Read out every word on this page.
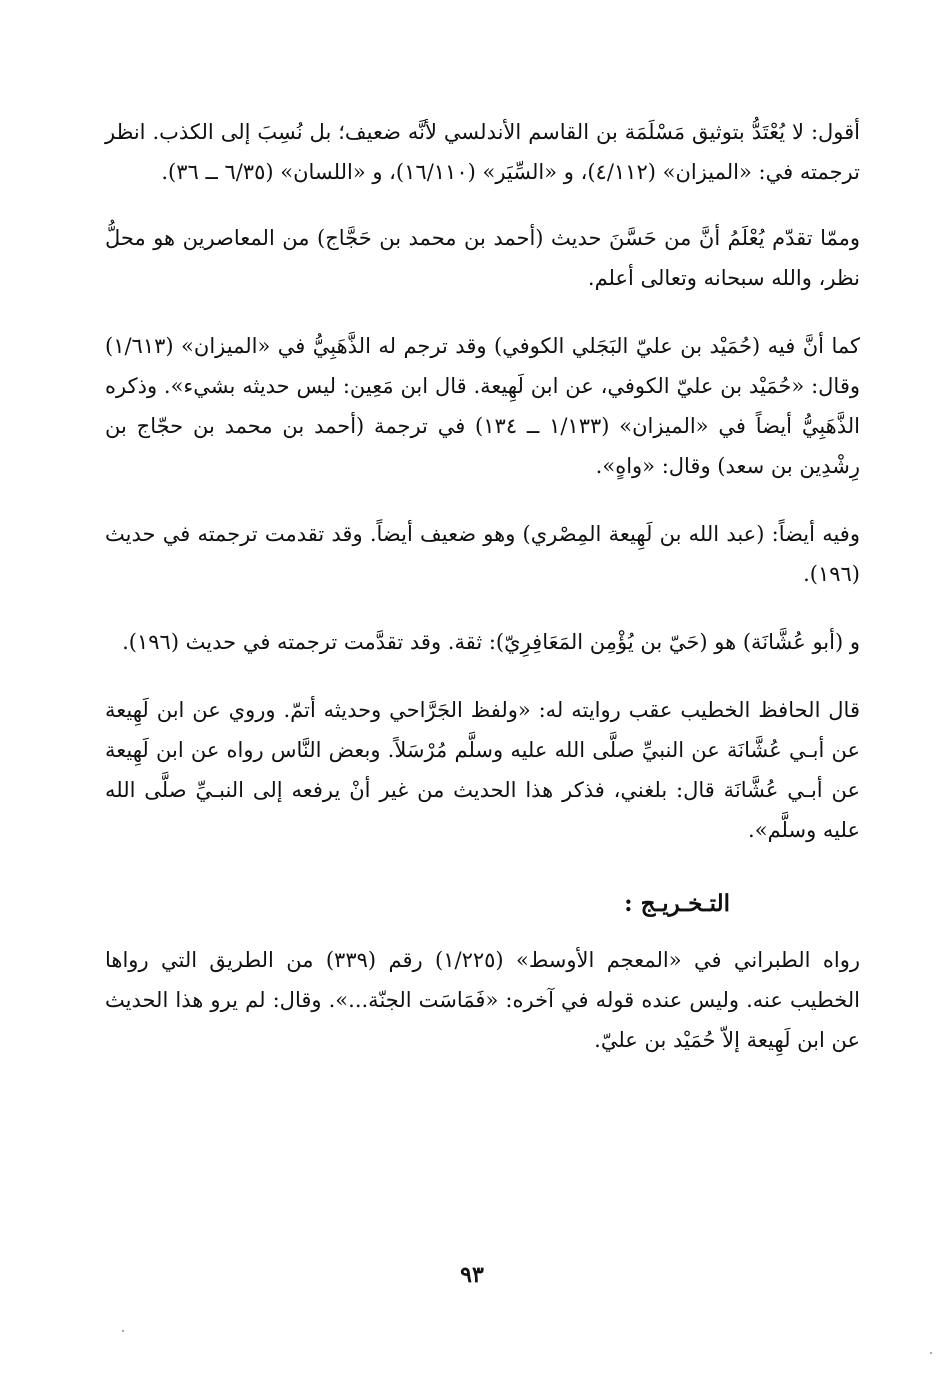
أقول: لا يُعْتَدُّ بتوثيق مَسْلَمَة بن القاسم الأندلسي لأنَّه ضعيف؛ بل نُسِبَ إلى الكذب. انظر ترجمته في: «الميزان» (٤/١١٢)، و «السِّيَر» (١٦/١١٠)، و «اللسان» (٦/٣٥ ــ ٣٦).

وممّا تقدّم يُعْلَمُ أنَّ من حَسَّنَ حديث (أحمد بن محمد بن حَجَّاج) من المعاصرين هو محلُّ نظر، والله سبحانه وتعالى أعلم.

كما أنَّ فيه (حُمَيْد بن عليّ البَجَلي الكوفي) وقد ترجم له الذَّهَبِيُّ في «الميزان» (١/٦١٣) وقال: «حُمَيْد بن عليّ الكوفي، عن ابن لَهِيعة. قال ابن مَعِين: ليس حديثه بشيء». وذكره الذَّهَبِيُّ أيضاً في «الميزان» (١/١٣٣ ــ ١٣٤) في ترجمة (أحمد بن محمد بن حجّاج بن رِشْدِين بن سعد) وقال: «واهٍ».

وفيه أيضاً: (عبد الله بن لَهِيعة المِصْري) وهو ضعيف أيضاً. وقد تقدمت ترجمته في حديث (١٩٦).

و (أبو عُشَّانَة) هو (حَيّ بن يُؤْمِن المَعَافِرِيّ): ثقة. وقد تقدَّمت ترجمته في حديث (١٩٦).

قال الحافظ الخطيب عقب روايته له: «ولفظ الجَرَّاحي وحديثه أتمّ. وروي عن ابن لَهِيعة عن أبـي عُشَّانَة عن النبيِّ صلَّى الله عليه وسلَّم مُرْسَلاً. وبعض النَّاس رواه عن ابن لَهِيعة عن أبـي عُشَّانَة قال: بلغني، فذكر هذا الحديث من غير أنْ يرفعه إلى النبـيِّ صلَّى الله عليه وسلَّم».

التـخـريـج :

رواه الطبراني في «المعجم الأوسط» (١/٢٢٥) رقم (٣٣٩) من الطريق التي رواها الخطيب عنه. وليس عنده قوله في آخره: «فَمَاسَت الجنّة...». وقال: لم يرو هذا الحديث عن ابن لَهِيعة إلاّ حُمَيْد بن عليّ.

٩٣
